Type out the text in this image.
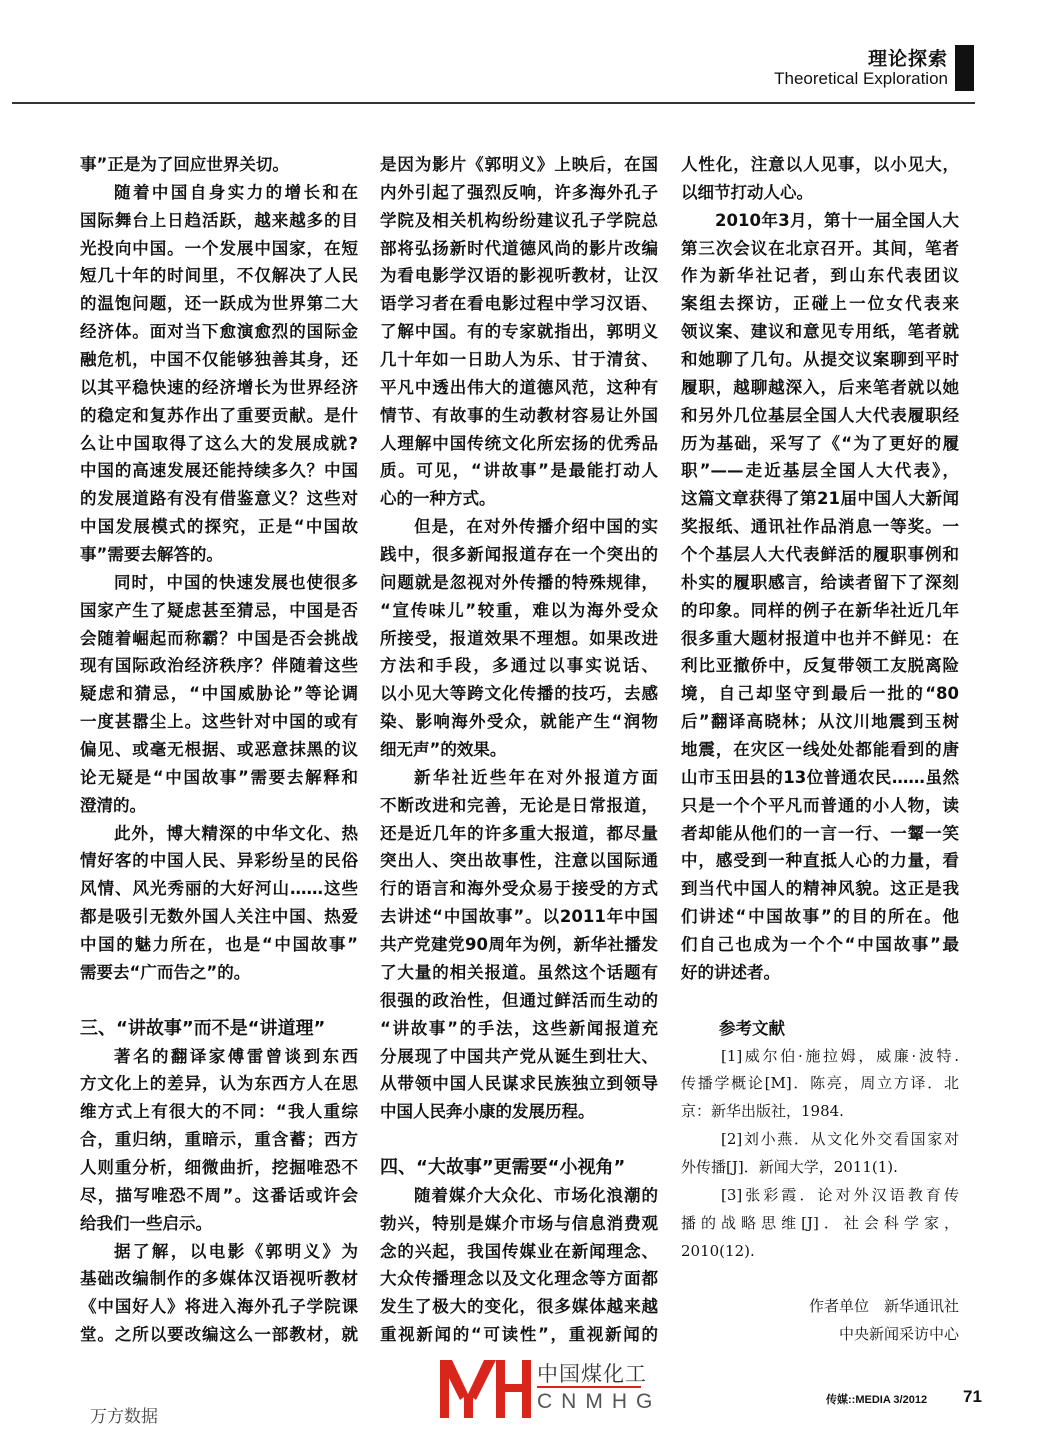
理论探索
Theoretical Exploration
事”正是为了回应世界关切。
随着中国自身实力的增长和在
国际舞台上日趋活跃，越来越多的目
光投向中国。一个发展中国家，在短
短几十年的时间里，不仅解决了人民
的温饱问题，还一跃成为世界第二大
经济体。面对当下愈演愈烈的国际金
融危机，中国不仅能够独善其身，还
以其平稳快速的经济增长为世界经济
的稳定和复苏作出了重要贡献。是什
么让中国取得了这么大的发展成就?
中国的高速发展还能持续多久？中国
的发展道路有没有借鉴意义？这些对
中国发展模式的探究，正是“中国故
事”需要去解答的。
同时，中国的快速发展也使很多
国家产生了疑虑甚至猜忌，中国是否
会随着崛起而称霸？中国是否会挑战
现有国际政治经济秩序？伴随着这些
疑虑和猜忌，“中国威胁论”等论调
一度甚嚣尘上。这些针对中国的或有
偏见、或毫无根据、或恶意抹黑的议
论无疑是“中国故事”需要去解释和
澄清的。
此外，博大精深的中华文化、热
情好客的中国人民、异彩纷呈的民俗
风情、风光秀丽的大好河山……这些
都是吸引无数外国人关注中国、热爱
中国的魅力所在，也是“中国故事”
需要去“广而告之”的。
三、“讲故事”而不是“讲道理”
著名的翻译家傅雷曾谈到东西
方文化上的差异，认为东西方人在思
维方式上有很大的不同：“我人重综
合，重归纳，重暗示，重含蓄；西方
人则重分析，细微曲折，挖掘唯恐不
尽，描写唯恐不周”。这番话或许会
给我们一些启示。
据了解，以电影《郭明义》为
基础改编制作的多媒体汉语视听教材
《中国好人》将进入海外孔子学院课
堂。之所以要改编这么一部教材，就
是因为影片《郭明义》上映后，在国
内外引起了强烈反响，许多海外孔子
学院及相关机构纷纷建议孔子学院总
部将弘扬新时代道德风尚的影片改编
为看电影学汉语的影视听教材，让汉
语学习者在看电影过程中学习汉语、
了解中国。有的专家就指出，郭明义
几十年如一日助人为乐、甘于清贫、
平凡中透出伟大的道德风范，这种有
情节、有故事的生动教材容易让外国
人理解中国传统文化所宏扬的优秀品
质。可见，“讲故事”是最能打动人
心的一种方式。
但是，在对外传播介绍中国的实
践中，很多新闻报道存在一个突出的
问题就是忽视对外传播的特殊规律，
“宣传味儿”较重，难以为海外受众
所接受，报道效果不理想。如果改进
方法和手段，多通过以事实说话、
以小见大等跨文化传播的技巧，去感
染、影响海外受众，就能产生“润物
细无声”的效果。
新华社近些年在对外报道方面
不断改进和完善，无论是日常报道，
还是近几年的许多重大报道，都尽量
突出人、突出故事性，注意以国际通
行的语言和海外受众易于接受的方式
去讲述“中国故事”。以2011年中国
共产党建党90周年为例，新华社播发
了大量的相关报道。虽然这个话题有
很强的政治性，但通过鲜活而生动的
“讲故事”的手法，这些新闻报道充
分展现了中国共产党从诞生到壮大、
从带领中国人民谋求民族独立到领导
中国人民奔小康的发展历程。
四、“大故事”更需要“小视角”
随着媒介大众化、市场化浪潮的
勃兴，特别是媒介市场与信息消费观
念的兴起，我国传媒业在新闻理念、
大众传播理念以及文化理念等方面都
发生了极大的变化，很多媒体越来越
重视新闻的“可读性”，重视新闻的
人性化，注意以人见事，以小见大，
以细节打动人心。
2010年3月，第十一届全国人大
第三次会议在北京召开。其间，笔者
作为新华社记者，到山东代表团议
案组去探访，正碰上一位女代表来
领议案、建议和意见专用纸，笔者就
和她聊了几句。从提交议案聊到平时
履职，越聊越深入，后来笔者就以她
和另外几位基层全国人大代表履职经
历为基础，采写了《“为了更好的履
职”——走近基层全国人大代表》，
这篇文章获得了第21届中国人大新闻
奖报纸、通讯社作品消息一等奖。一
个个基层人大代表鲜活的履职事例和
朴实的履职感言，给读者留下了深刻
的印象。同样的例子在新华社近几年
很多重大题材报道中也并不鲜见：在
利比亚撤侨中，反复带领工友脱离险
境，自己却坚守到最后一批的“80
后”翻译高晓林；从汶川地震到玉树
地震，在灾区一线处处都能看到的唐
山市玉田县的13位普通农民……虽然
只是一个个平凡而普通的小人物，读
者却能从他们的一言一行、一颦一笑
中，感受到一种直抵人心的力量，看
到当代中国人的精神风貌。这正是我
们讲述“中国故事”的目的所在。他
们自己也成为一个个“中国故事”最
好的讲述者。
参考文献
[1]威尔伯·施拉姆，威廉·波特.
传播学概论[M]．陈亮，周立方译．北
京：新华出版社，1984.
[2]刘小燕．从文化外交看国家对
外传播[J]．新闻大学，2011(1).
[3]张彩霞．论对外汉语教育传
播的战略思维[J]．社会科学家，
2010(12).
作者单位　新华通讯社
中央新闻采访中心
中国煤化工
CNMHG
万方数据
传媒::MEDIA 3/2012 71
